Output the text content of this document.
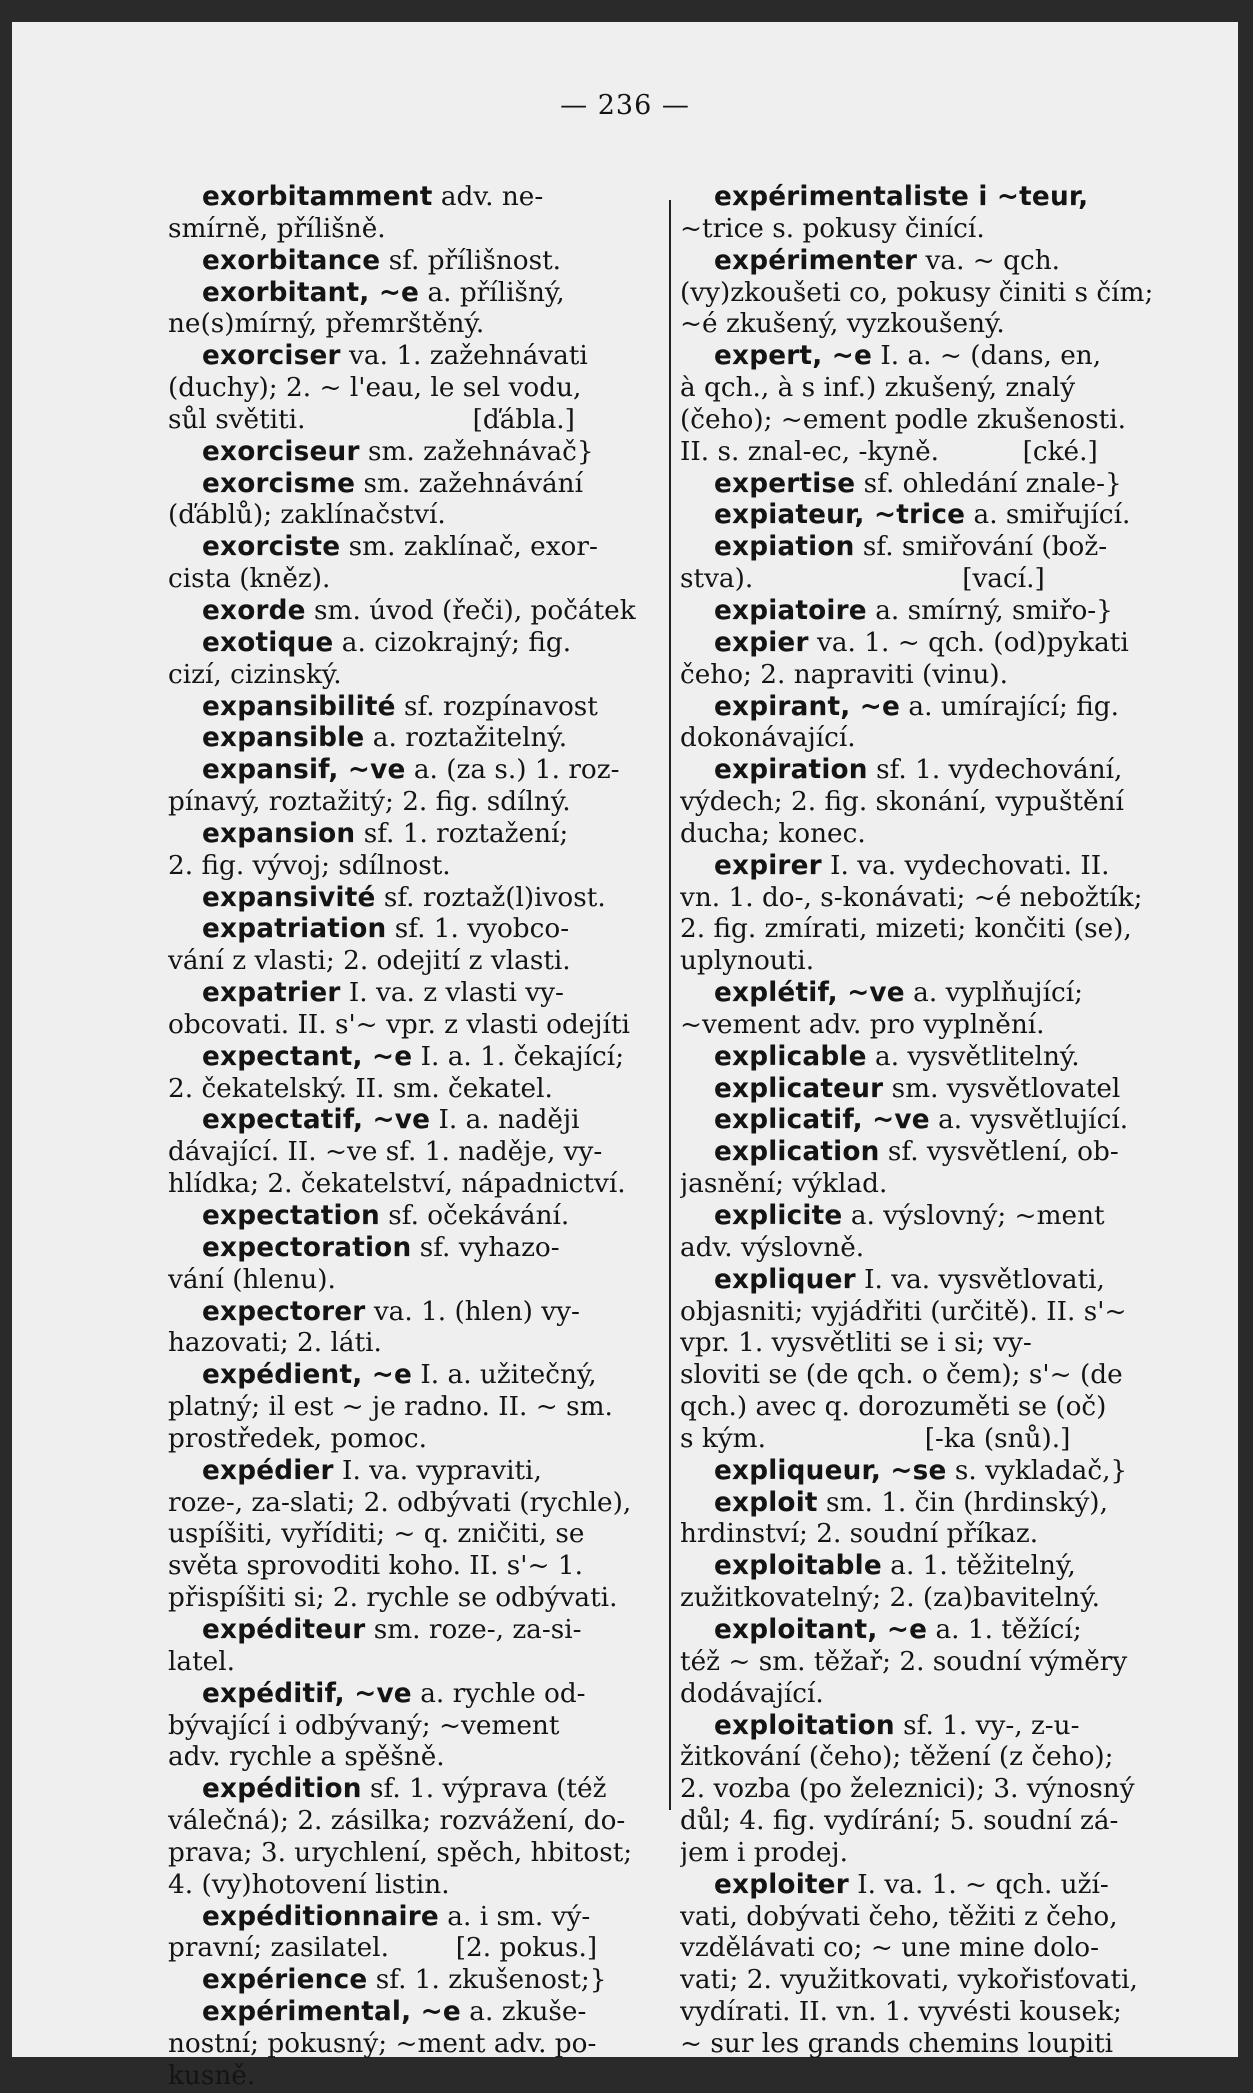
— 236 —
exorbitamment adv. ne-
smírně, přílišně.
exorbitance sf. přílišnost.
exorbitant, ~e a. přílišný,
ne(s)mírný, přemrštěný.
exorciser va. 1. zažehnávati
(duchy); 2. ~ l'eau, le sel vodu,
sůl světiti.                    [ďábla.]
exorciseur sm. zažehnávač}
exorcisme sm. zažehnávání
(ďáblů); zaklínačství.
exorciste sm. zaklínač, exor-
cista (kněz).
exorde sm. úvod (řeči), počátek
exotique a. cizokrajný; fig.
cizí, cizinský.
expansibilité sf. rozpínavost
expansible a. roztažitelný.
expansif, ~ve a. (za s.) 1. roz-
pínavý, roztažitý; 2. fig. sdílný.
expansion sf. 1. roztažení;
2. fig. vývoj; sdílnost.
expansivité sf. roztaž(l)ivost.
expatriation sf. 1. vyobco-
vání z vlasti; 2. odejití z vlasti.
expatrier I. va. z vlasti vy-
obcovati. II. s'~ vpr. z vlasti odejíti
expectant, ~e I. a. 1. čekající;
2. čekatelský. II. sm. čekatel.
expectatif, ~ve I. a. naději
dávající. II. ~ve sf. 1. naděje, vy-
hlídka; 2. čekatelství, nápadnictví.
expectation sf. očekávání.
expectoration sf. vyhazo-
vání (hlenu).
expectorer va. 1. (hlen) vy-
hazovati; 2. láti.
expédient, ~e I. a. užitečný,
platný; il est ~ je radno. II. ~ sm.
prostředek, pomoc.
expédier I. va. vypraviti,
roze-, za-slati; 2. odbývati (rychle),
uspíšiti, vyříditi; ~ q. zničiti, se
světa sprovoditi koho. II. s'~ 1.
přispíšiti si; 2. rychle se odbývati.
expéditeur sm. roze-, za-si-
latel.
expéditif, ~ve a. rychle od-
bývající i odbývaný; ~vement
adv. rychle a spěšně.
expédition sf. 1. výprava (též
válečná); 2. zásilka; rozvážení, do-
prava; 3. urychlení, spěch, hbitost;
4. (vy)hotovení listin.
expéditionnaire a. i sm. vý-
pravní; zasilatel.        [2. pokus.]
expérience sf. 1. zkušenost;}
expérimental, ~e a. zkuše-
nostní; pokusný; ~ment adv. po-
kusně.
expérimentaliste i ~teur,
~trice s. pokusy činící.
expérimenter va. ~ qch.
(vy)zkoušeti co, pokusy činiti s čím;
~é zkušený, vyzkoušený.
expert, ~e I. a. ~ (dans, en,
à qch., à s inf.) zkušený, znalý
(čeho); ~ement podle zkušenosti.
II. s. znal-ec, -kyně.          [cké.]
expertise sf. ohledání znale-}
expiateur, ~trice a. smiřující.
expiation sf. smiřování (bož-
stva).                         [vací.]
expiatoire a. smírný, smiřo-}
expier va. 1. ~ qch. (od)pykati
čeho; 2. napraviti (vinu).
expirant, ~e a. umírající; fig.
dokonávající.
expiration sf. 1. vydechování,
výdech; 2. fig. skonání, vypuštění
ducha; konec.
expirer I. va. vydechovati. II.
vn. 1. do-, s-konávati; ~é nebožtík;
2. fig. zmírati, mizeti; končiti (se),
uplynouti.
explétif, ~ve a. vyplňující;
~vement adv. pro vyplnění.
explicable a. vysvětlitelný.
explicateur sm. vysvětlovatel
explicatif, ~ve a. vysvětlující.
explication sf. vysvětlení, ob-
jasnění; výklad.
explicite a. výslovný; ~ment
adv. výslovně.
expliquer I. va. vysvětlovati,
objasniti; vyjádřiti (určitě). II. s'~
vpr. 1. vysvětliti se i si; vy-
sloviti se (de qch. o čem); s'~ (de
qch.) avec q. dorozuměti se (oč)
s kým.                   [-ka (snů).]
expliqueur, ~se s. vykladač,}
exploit sm. 1. čin (hrdinský),
hrdinství; 2. soudní příkaz.
exploitable a. 1. těžitelný,
zužitkovatelný; 2. (za)bavitelný.
exploitant, ~e a. 1. těžící;
též ~ sm. těžař; 2. soudní výměry
dodávající.
exploitation sf. 1. vy-, z-u-
žitkování (čeho); těžení (z čeho);
2. vozba (po železnici); 3. výnosný
důl; 4. fig. vydírání; 5. soudní zá-
jem i prodej.
exploiter I. va. 1. ~ qch. uží-
vati, dobývati čeho, těžiti z čeho,
vzdělávati co; ~ une mine dolo-
vati; 2. využitkovati, vykořisťovati,
vydírati. II. vn. 1. vyvésti kousek;
~ sur les grands chemins loupiti
